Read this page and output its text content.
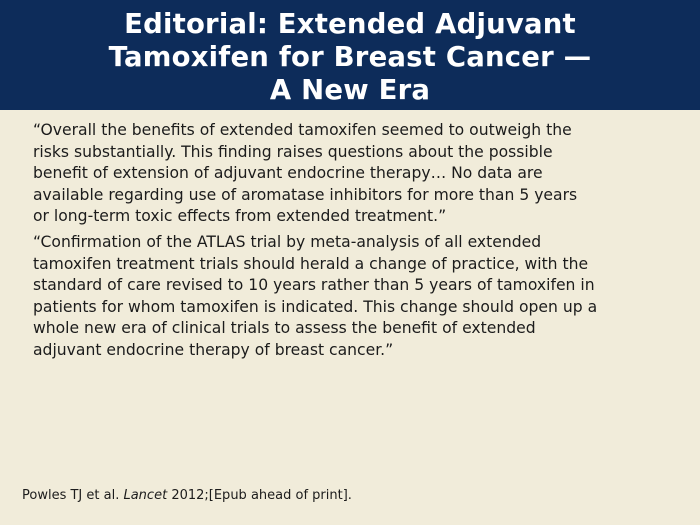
Editorial: Extended Adjuvant
Tamoxifen for Breast Cancer —
A New Era

“Overall the benefits of extended tamoxifen seemed to outweigh the
risks substantially. This finding raises questions about the possible
benefit of extension of adjuvant endocrine therapy… No data are
available regarding use of aromatase inhibitors for more than 5 years
or long-term toxic effects from extended treatment.”

“Confirmation of the ATLAS trial by meta-analysis of all extended
tamoxifen treatment trials should herald a change of practice, with the
standard of care revised to 10 years rather than 5 years of tamoxifen in
patients for whom tamoxifen is indicated. This change should open up a
whole new era of clinical trials to assess the benefit of extended
adjuvant endocrine therapy of breast cancer.”

Powles TJ et al. Lancet 2012;[Epub ahead of print].
